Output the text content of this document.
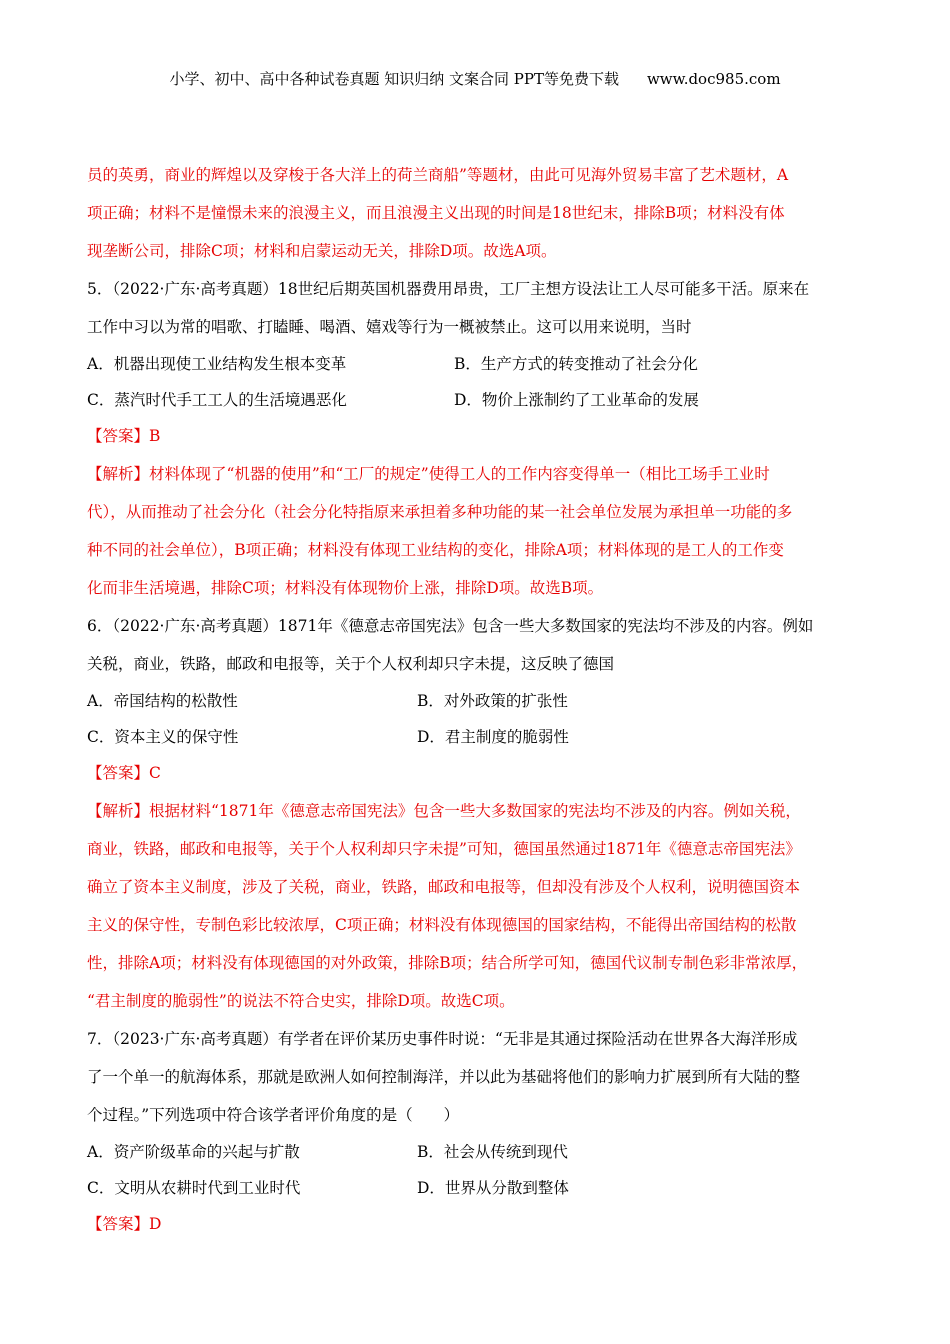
小学、初中、高中各种试卷真题 知识归纳 文案合同 PPT等免费下载 www.doc985.com
员的英勇，商业的辉煌以及穿梭于各大洋上的荷兰商船”等题材，由此可见海外贸易丰富了艺术题材，A
项正确；材料不是憧憬未来的浪漫主义，而且浪漫主义出现的时间是18世纪末，排除B项；材料没有体
现垄断公司，排除C项；材料和启蒙运动无关，排除D项。故选A项。
5．（2022·广东·高考真题）18世纪后期英国机器费用昂贵，工厂主想方设法让工人尽可能多干活。原来在
工作中习以为常的唱歌、打瞌睡、喝酒、嬉戏等行为一概被禁止。这可以用来说明，当时
A．机器出现使工业结构发生根本变革	B．生产方式的转变推动了社会分化
C．蒸汽时代手工工人的生活境遇恶化	D．物价上涨制约了工业革命的发展
【答案】B
【解析】材料体现了“机器的使用”和“工厂的规定”使得工人的工作内容变得单一（相比工场手工业时
代），从而推动了社会分化（社会分化特指原来承担着多种功能的某一社会单位发展为承担单一功能的多
种不同的社会单位），B项正确；材料没有体现工业结构的变化，排除A项；材料体现的是工人的工作变
化而非生活境遇，排除C项；材料没有体现物价上涨，排除D项。故选B项。
6．（2022·广东·高考真题）1871年《德意志帝国宪法》包含一些大多数国家的宪法均不涉及的内容。例如
关税，商业，铁路，邮政和电报等，关于个人权利却只字未提，这反映了德国
A．帝国结构的松散性	B．对外政策的扩张性
C．资本主义的保守性	D．君主制度的脆弱性
【答案】C
【解析】根据材料“1871年《德意志帝国宪法》包含一些大多数国家的宪法均不涉及的内容。例如关税，
商业，铁路，邮政和电报等，关于个人权利却只字未提”可知，德国虽然通过1871年《德意志帝国宪法》
确立了资本主义制度，涉及了关税，商业，铁路，邮政和电报等，但却没有涉及个人权利，说明德国资本
主义的保守性，专制色彩比较浓厚，C项正确；材料没有体现德国的国家结构，不能得出帝国结构的松散
性，排除A项；材料没有体现德国的对外政策，排除B项；结合所学可知，德国代议制专制色彩非常浓厚，
“君主制度的脆弱性”的说法不符合史实，排除D项。故选C项。
7．（2023·广东·高考真题）有学者在评价某历史事件时说：“无非是其通过探险活动在世界各大海洋形成
了一个单一的航海体系，那就是欧洲人如何控制海洋，并以此为基础将他们的影响力扩展到所有大陆的整
个过程。”下列选项中符合该学者评价角度的是（　　）
A．资产阶级革命的兴起与扩散	B．社会从传统到现代
C．文明从农耕时代到工业时代	D．世界从分散到整体
【答案】D
